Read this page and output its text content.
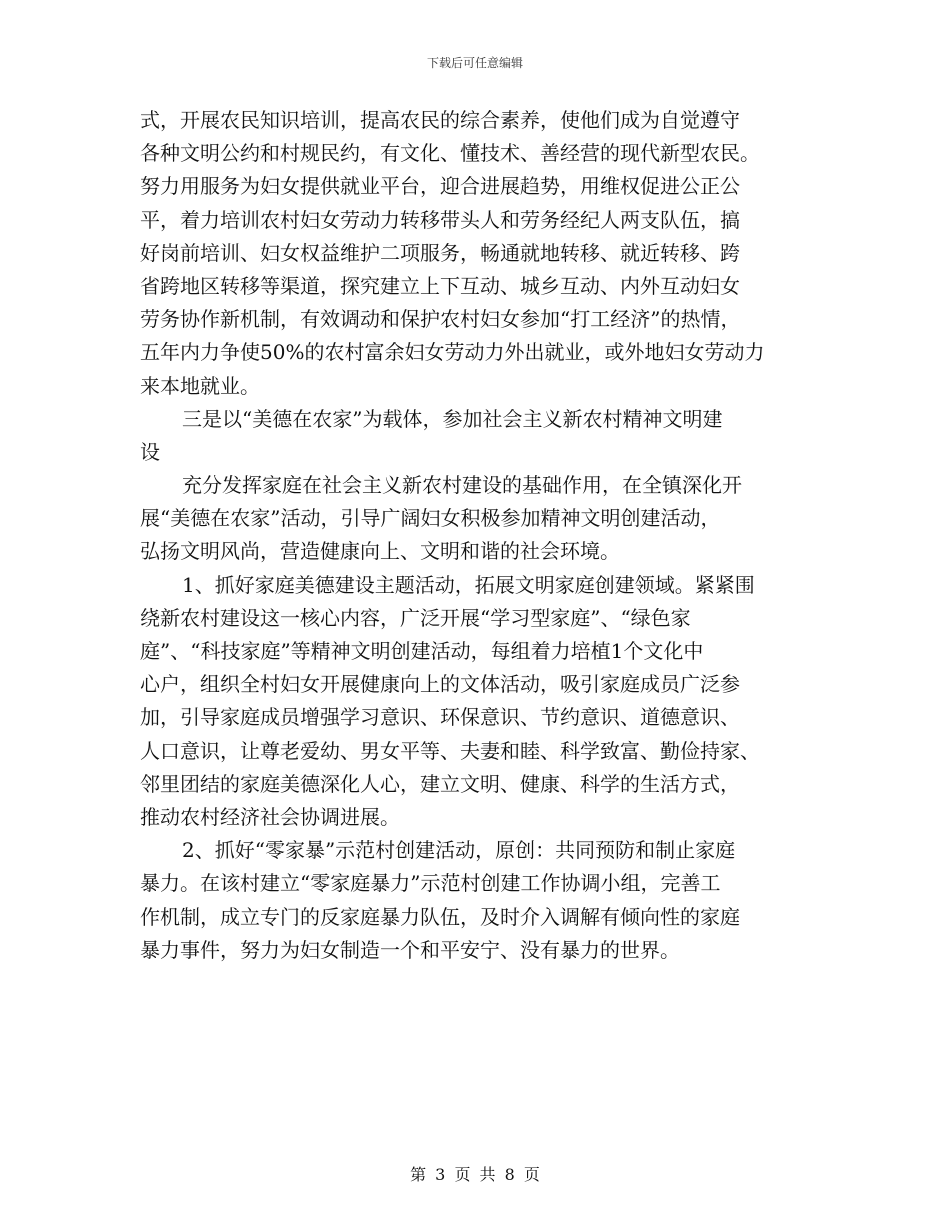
下载后可任意编辑
式，开展农民知识培训，提高农民的综合素养，使他们成为自觉遵守
各种文明公约和村规民约，有文化、懂技术、善经营的现代新型农民。
努力用服务为妇女提供就业平台，迎合进展趋势，用维权促进公正公
平，着力培训农村妇女劳动力转移带头人和劳务经纪人两支队伍，搞
好岗前培训、妇女权益维护二项服务，畅通就地转移、就近转移、跨
省跨地区转移等渠道，探究建立上下互动、城乡互动、内外互动妇女
劳务协作新机制，有效调动和保护农村妇女参加“打工经济”的热情，
五年内力争使50%的农村富余妇女劳动力外出就业，或外地妇女劳动力
来本地就业。
三是以“美德在农家”为载体，参加社会主义新农村精神文明建
设
充分发挥家庭在社会主义新农村建设的基础作用，在全镇深化开
展“美德在农家”活动，引导广阔妇女积极参加精神文明创建活动，
弘扬文明风尚，营造健康向上、文明和谐的社会环境。
1、抓好家庭美德建设主题活动，拓展文明家庭创建领域。紧紧围
绕新农村建设这一核心内容，广泛开展“学习型家庭”、“绿色家
庭”、“科技家庭”等精神文明创建活动，每组着力培植1个文化中
心户，组织全村妇女开展健康向上的文体活动，吸引家庭成员广泛参
加，引导家庭成员增强学习意识、环保意识、节约意识、道德意识、
人口意识，让尊老爱幼、男女平等、夫妻和睦、科学致富、勤俭持家、
邻里团结的家庭美德深化人心，建立文明、健康、科学的生活方式，
推动农村经济社会协调进展。
2、抓好“零家暴”示范村创建活动，原创：共同预防和制止家庭
暴力。在该村建立“零家庭暴力”示范村创建工作协调小组，完善工
作机制，成立专门的反家庭暴力队伍，及时介入调解有倾向性的家庭
暴力事件，努力为妇女制造一个和平安宁、没有暴力的世界。
第 3 页 共 8 页
